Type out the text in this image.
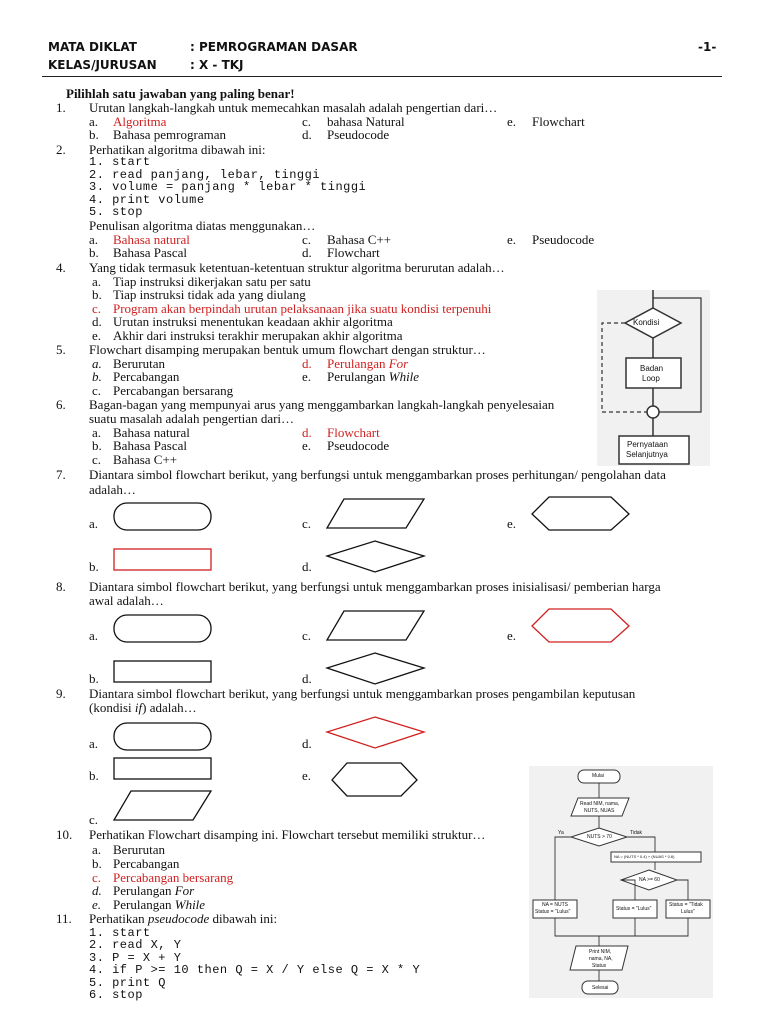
MATA DIKLAT	: PEMROGRAMAN DASAR
KELAS/JURUSAN	: X - TKJ
-1-
Pilihlah satu jawaban yang paling benar!
1. Urutan langkah-langkah untuk memecahkan masalah adalah pengertian dari…
a. Algoritma	c. bahasa Natural	e. Flowchart
b. Bahasa pemrograman	d. Pseudocode
2. Perhatikan algoritma dibawah ini:
1. start
2. read panjang, lebar, tinggi
3. volume = panjang * lebar * tinggi
4. print volume
5. stop
Penulisan algoritma diatas menggunakan…
a. Bahasa natural	c. Bahasa C++	e. Pseudocode
b. Bahasa Pascal	d. Flowchart
4. Yang tidak termasuk ketentuan-ketentuan struktur algoritma berurutan adalah…
a. Tiap instruksi dikerjakan satu per satu
b. Tiap instruksi tidak ada yang diulang
c. Program akan berpindah urutan pelaksanaan jika suatu kondisi terpenuhi
d. Urutan instruksi menentukan keadaan akhir algoritma
e. Akhir dari instruksi terakhir merupakan akhir algoritma
5. Flowchart disamping merupakan bentuk umum flowchart dengan struktur…
a. Berurutan	d. Perulangan For
b. Percabangan	e. Perulangan While
c. Percabangan bersarang
6. Bagan-bagan yang mempunyai arus yang menggambarkan langkah-langkah penyelesaian
suatu masalah adalah pengertian dari…
a. Bahasa natural	d. Flowchart
b. Bahasa Pascal	e. Pseudocode
c. Bahasa C++
Kondisi
Badan
Loop
Pernyataan
Selanjutnya
7. Diantara simbol flowchart berikut, yang berfungsi untuk menggambarkan proses perhitungan/ pengolahan data
adalah…
a.	c.	e.
b.	d.
8. Diantara simbol flowchart berikut, yang berfungsi untuk menggambarkan proses inisialisasi/ pemberian harga
awal adalah…
a.	c.	e.
b.	d.
9. Diantara simbol flowchart berikut, yang berfungsi untuk menggambarkan proses pengambilan keputusan
(kondisi if) adalah…
a.	d.
b.	e.
c.
10. Perhatikan Flowchart disamping ini. Flowchart tersebut memiliki struktur…
a. Berurutan
b. Percabangan
c. Percabangan bersarang
d. Perulangan For
e. Perulangan While
11. Perhatikan pseudocode dibawah ini:
1. start
2. read X, Y
3. P = X + Y
4. if P >= 10 then Q = X / Y else Q = X * Y
5. print Q
6. stop
Mulai
Read NIM, nama,
NUTS, NUAS
NUTS > 70
Ya	Tidak
NA = (NUTS * 0.4) + (NUAS * 0.6)
NA >= 60
NA = NUTS
Status = "Lulus"	Status = "Lulus"
Status = "Tidak
Lulus"
Print NIM,
nama, NA,
Status
Selesai
